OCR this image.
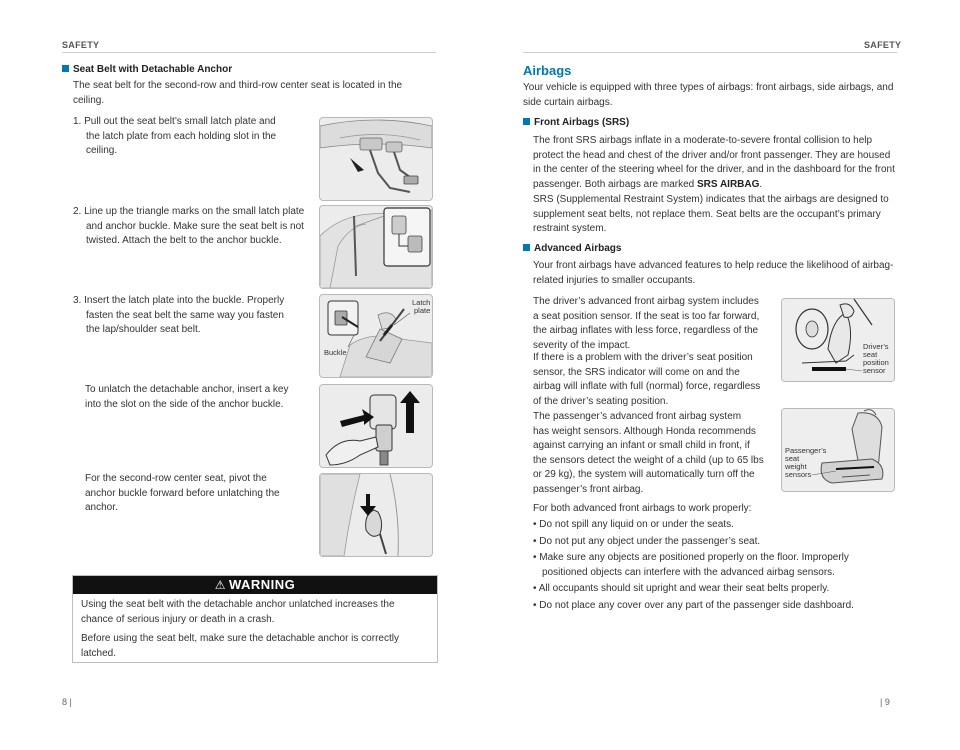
SAFETY
Seat Belt with Detachable Anchor
The seat belt for the second-row and third-row center seat is located in the
ceiling.
1. Pull out the seat belt’s small latch plate and
the latch plate from each holding slot in the
ceiling.
2. Line up the triangle marks on the small latch plate
and anchor buckle. Make sure the seat belt is not
twisted. Attach the belt to the anchor buckle.
3. Insert the latch plate into the buckle. Properly
fasten the seat belt the same way you fasten
the lap/shoulder seat belt.
Latch
plate
Buckle
To unlatch the detachable anchor, insert a key
into the slot on the side of the anchor buckle.
For the second-row center seat, pivot the
anchor buckle forward before unlatching the
anchor.
⚠ WARNING

Using the seat belt with the detachable anchor unlatched increases the
chance of serious injury or death in a crash.

Before using the seat belt, make sure the detachable anchor is correctly
latched.

8 |
SAFETY
Airbags
Your vehicle is equipped with three types of airbags: front airbags, side airbags, and
side curtain airbags.
Front Airbags (SRS)
The front SRS airbags inflate in a moderate-to-severe frontal collision to help
protect the head and chest of the driver and/or front passenger. They are housed
in the center of the steering wheel for the driver, and in the dashboard for the front
passenger. Both airbags are marked SRS AIRBAG.
SRS (Supplemental Restraint System) indicates that the airbags are designed to
supplement seat belts, not replace them. Seat belts are the occupant’s primary
restraint system.
Advanced Airbags
Your front airbags have advanced features to help reduce the likelihood of airbag-
related injuries to smaller occupants.
The driver’s advanced front airbag system includes
a seat position sensor. If the seat is too far forward,
the airbag inflates with less force, regardless of the
severity of the impact.
If there is a problem with the driver’s seat position
sensor, the SRS indicator will come on and the
airbag will inflate with full (normal) force, regardless
of the driver’s seating position.
The passenger’s advanced front airbag system
has weight sensors. Although Honda recommends
against carrying an infant or small child in front, if
the sensors detect the weight of a child (up to 65 lbs
or 29 kg), the system will automatically turn off the
passenger’s front airbag.
Driver’s
seat
position
sensor
Passenger’s
seat
weight
sensors
For both advanced front airbags to work properly:
• Do not spill any liquid on or under the seats.
• Do not put any object under the passenger’s seat.
• Make sure any objects are positioned properly on the floor. Improperly
positioned objects can interfere with the advanced airbag sensors.
• All occupants should sit upright and wear their seat belts properly.
• Do not place any cover over any part of the passenger side dashboard.
| 9
